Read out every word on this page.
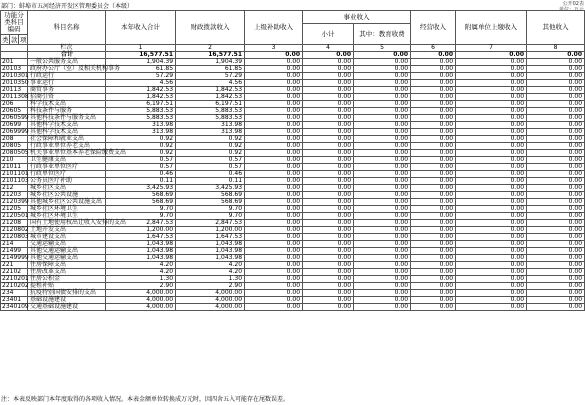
部门：蚌埠市五河经济开发区管理委员会（本级）	公开02表
功能分类科目编码			科目名称	本年收入合计	财政拨款收入	上级补助收入	事业收入		经营收入	附属单位上缴收入	其他收入
							小计	其中：教育收费			
类	款	项									
			栏次	1	2	3	4	5	6	7	8
			合计	16,577.51	16,577.51	0.00	0.00	0.00	0.00	0.00	0.00
201			一般公共服务支出	1,904.39	1,904.39	0.00	0.00	0.00	0.00	0.00	0.00
20103			政府办公厅（室）及相关机构事务	61.85	61.85	0.00	0.00	0.00	0.00	0.00	0.00
2010301			行政运行	57.29	57.29	0.00	0.00	0.00	0.00	0.00	0.00
2010350			事业运行	4.56	4.56	0.00	0.00	0.00	0.00	0.00	0.00
20113			商贸事务	1,842.53	1,842.53	0.00	0.00	0.00	0.00	0.00	0.00
2011308			招商引资	1,842.53	1,842.53	0.00	0.00	0.00	0.00	0.00	0.00
206			科学技术支出	6,197.51	6,197.51	0.00	0.00	0.00	0.00	0.00	0.00
20605			科技条件与服务	5,883.53	5,883.53	0.00	0.00	0.00	0.00	0.00	0.00
2060599			其他科技条件与服务支出	5,883.53	5,883.53	0.00	0.00	0.00	0.00	0.00	0.00
20699			其他科学技术支出	313.98	313.98	0.00	0.00	0.00	0.00	0.00	0.00
2069999			其他科学技术支出	313.98	313.98	0.00	0.00	0.00	0.00	0.00	0.00
208			社会保障和就业支出	0.92	0.92	0.00	0.00	0.00	0.00	0.00	0.00
20805			行政事业单位养老支出	0.92	0.92	0.00	0.00	0.00	0.00	0.00	0.00
2080505			机关事业单位基本养老保险缴费支出	0.92	0.92	0.00	0.00	0.00	0.00	0.00	0.00
210			卫生健康支出	0.57	0.57	0.00	0.00	0.00	0.00	0.00	0.00
21011			行政事业单位医疗	0.57	0.57	0.00	0.00	0.00	0.00	0.00	0.00
2101101			行政单位医疗	0.46	0.46	0.00	0.00	0.00	0.00	0.00	0.00
2101103			公务员医疗补助	0.11	0.11	0.00	0.00	0.00	0.00	0.00	0.00
212			城乡社区支出	3,425.93	3,425.93	0.00	0.00	0.00	0.00	0.00	0.00
21203			城乡社区公共设施	568.69	568.69	0.00	0.00	0.00	0.00	0.00	0.00
2120399			其他城乡社区公共设施支出	568.69	568.69	0.00	0.00	0.00	0.00	0.00	0.00
21205			城乡社区环境卫生	9.70	9.70	0.00	0.00	0.00	0.00	0.00	0.00
2120501			城乡社区环境卫生	9.70	9.70	0.00	0.00	0.00	0.00	0.00	0.00
21208			国有土地使用权出让收入安排的支出	2,847.53	2,847.53	0.00	0.00	0.00	0.00	0.00	0.00
2120802			土地开发支出	1,200.00	1,200.00	0.00	0.00	0.00	0.00	0.00	0.00
2120803			城市建设支出	1,647.53	1,647.53	0.00	0.00	0.00	0.00	0.00	0.00
214			交通运输支出	1,043.98	1,043.98	0.00	0.00	0.00	0.00	0.00	0.00
21499			其他交通运输支出	1,043.98	1,043.98	0.00	0.00	0.00	0.00	0.00	0.00
2149999			其他交通运输支出	1,043.98	1,043.98	0.00	0.00	0.00	0.00	0.00	0.00
221			住房保障支出	4.20	4.20	0.00	0.00	0.00	0.00	0.00	0.00
22102			住房改革支出	4.20	4.20	0.00	0.00	0.00	0.00	0.00	0.00
2210201			住房公积金	1.30	1.30	0.00	0.00	0.00	0.00	0.00	0.00
2210202			提租补贴	2.90	2.90	0.00	0.00	0.00	0.00	0.00	0.00
234			抗疫特别国债安排的支出	4,000.00	4,000.00	0.00	0.00	0.00	0.00	0.00	0.00
23401			基础设施建设	4,000.00	4,000.00	0.00	0.00	0.00	0.00	0.00	0.00
2340109			交通基础设施建设	4,000.00	4,000.00	0.00	0.00	0.00	0.00	0.00	0.00
注：本表反映部门本年度取得的各项收入情况。本表金额单位转换成万元时，因四舍五入可能存在尾数误差。
